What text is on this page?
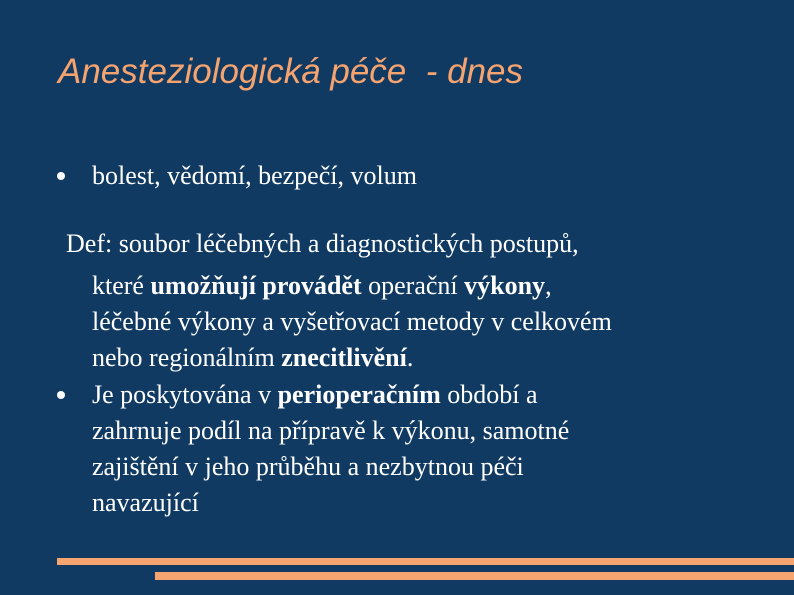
Anesteziologická péče  - dnes
bolest, vědomí, bezpečí, volum
Def: soubor léčebných a diagnostických postupů,
které umožňují provádět operační výkony,
léčebné výkony a vyšetřovací metody v celkovém
nebo regionálním znecitlivění.
Je poskytována v perioperačním období a
zahrnuje podíl na přípravě k výkonu, samotné
zajištění v jeho průběhu a nezbytnou péči
navazující
